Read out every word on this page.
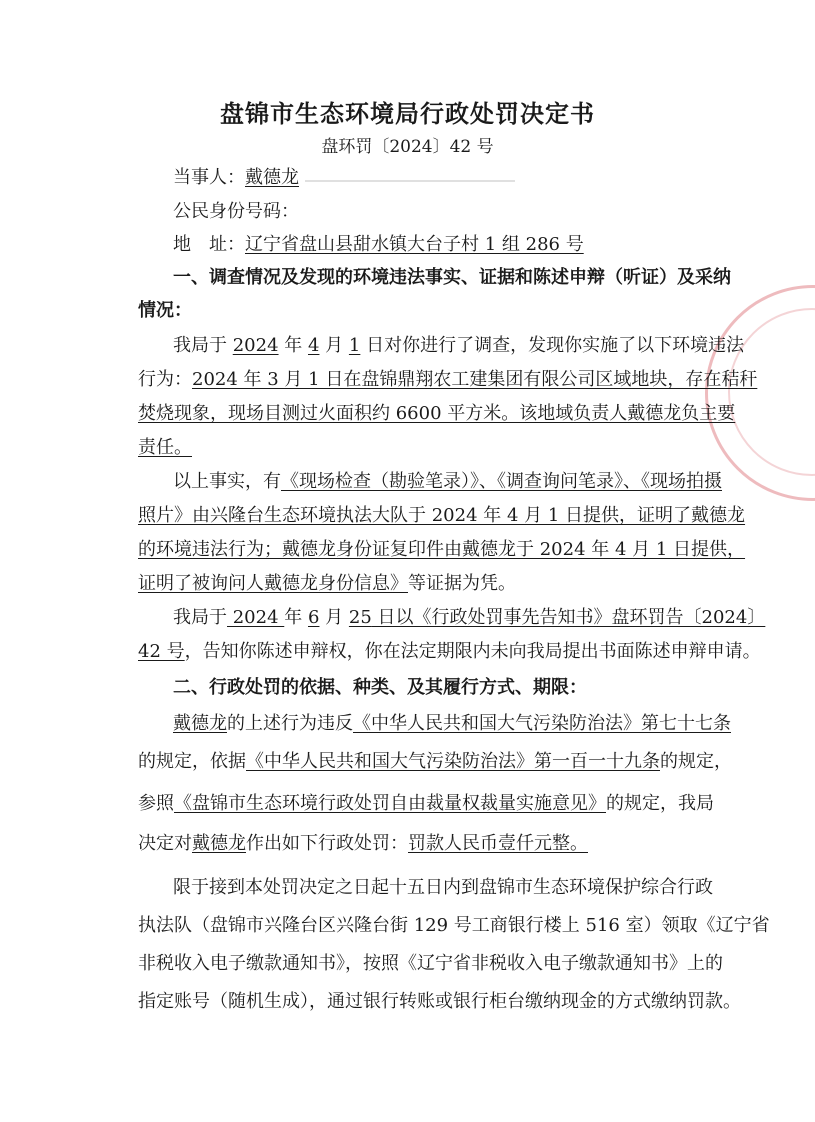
盘锦市生态环境局行政处罚决定书
盘环罚〔2024〕42 号
当事人：戴德龙
公民身份号码：
地　址：辽宁省盘山县甜水镇大台子村 1 组 286 号
一、调查情况及发现的环境违法事实、证据和陈述申辩（听证）及采纳
情况：
我局于 2024 年 4 月 1 日对你进行了调查，发现你实施了以下环境违法
行为：2024 年 3 月 1 日在盘锦鼎翔农工建集团有限公司区域地块，存在秸秆
焚烧现象，现场目测过火面积约 6600 平方米。该地域负责人戴德龙负主要
责任。
以上事实，有《现场检查（勘验笔录）》、《调查询问笔录》、《现场拍摄
照片》由兴隆台生态环境执法大队于 2024 年 4 月 1 日提供，证明了戴德龙
的环境违法行为；戴德龙身份证复印件由戴德龙于 2024 年 4 月 1 日提供，
证明了被询问人戴德龙身份信息》等证据为凭。
我局于 2024 年 6 月 25 日以《行政处罚事先告知书》盘环罚告〔2024〕
42 号，告知你陈述申辩权，你在法定期限内未向我局提出书面陈述申辩申请。
二、行政处罚的依据、种类、及其履行方式、期限：
戴德龙的上述行为违反《中华人民共和国大气污染防治法》第七十七条
的规定，依据《中华人民共和国大气污染防治法》第一百一十九条的规定，
参照《盘锦市生态环境行政处罚自由裁量权裁量实施意见》的规定，我局
决定对戴德龙作出如下行政处罚：罚款人民币壹仟元整。
限于接到本处罚决定之日起十五日内到盘锦市生态环境保护综合行政
执法队（盘锦市兴隆台区兴隆台街 129 号工商银行楼上 516 室）领取《辽宁省
非税收入电子缴款通知书》，按照《辽宁省非税收入电子缴款通知书》上的
指定账号（随机生成），通过银行转账或银行柜台缴纳现金的方式缴纳罚款。
